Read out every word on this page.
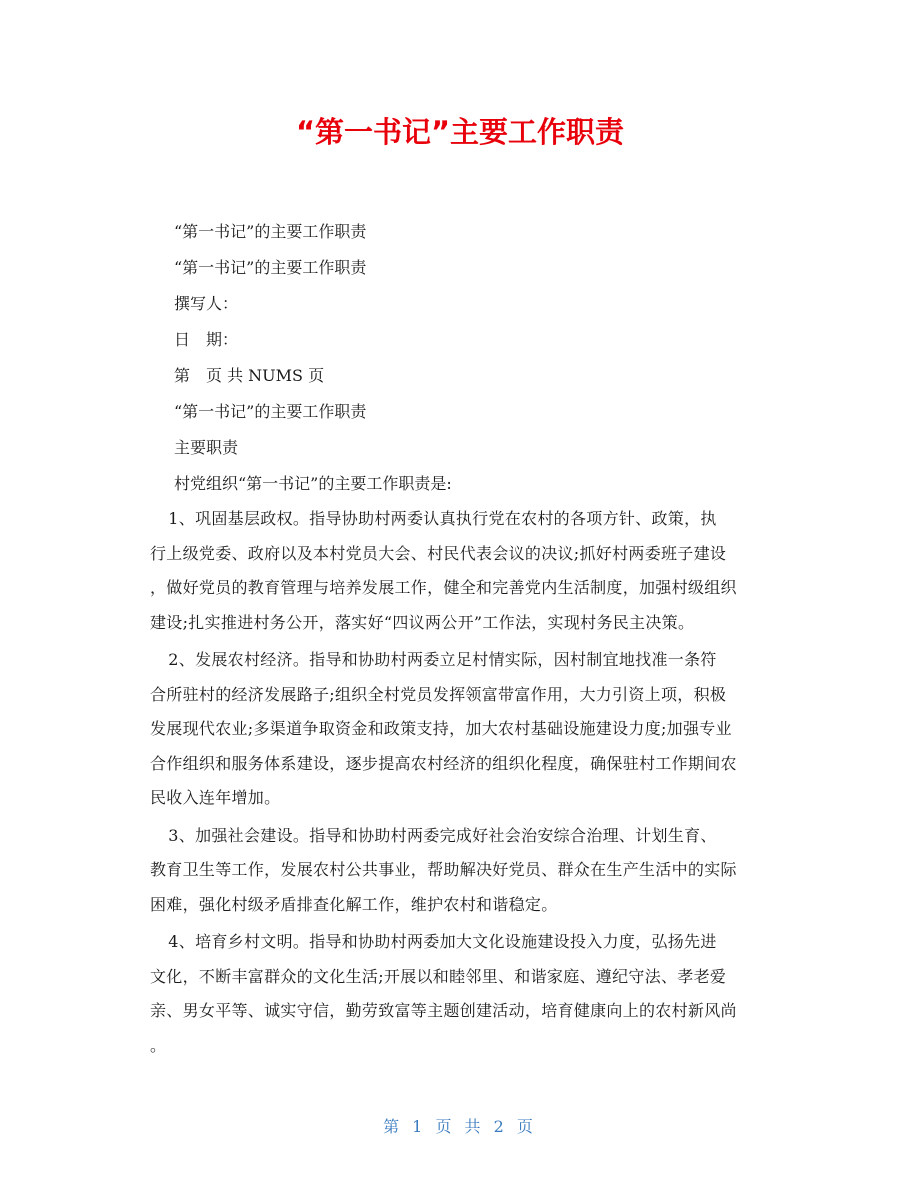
“第一书记”主要工作职责
“第一书记”的主要工作职责
“第一书记”的主要工作职责
撰写人：
日　期：
第　页 共 NUMS 页
“第一书记”的主要工作职责
主要职责
村党组织“第一书记”的主要工作职责是:
　1、巩固基层政权。指导协助村两委认真执行党在农村的各项方针、政策，执
行上级党委、政府以及本村党员大会、村民代表会议的决议;抓好村两委班子建设
，做好党员的教育管理与培养发展工作，健全和完善党内生活制度，加强村级组织
建设;扎实推进村务公开，落实好“四议两公开”工作法，实现村务民主决策。
　2、发展农村经济。指导和协助村两委立足村情实际，因村制宜地找准一条符
合所驻村的经济发展路子;组织全村党员发挥领富带富作用，大力引资上项，积极
发展现代农业;多渠道争取资金和政策支持，加大农村基础设施建设力度;加强专业
合作组织和服务体系建设，逐步提高农村经济的组织化程度，确保驻村工作期间农
民收入连年增加。
　3、加强社会建设。指导和协助村两委完成好社会治安综合治理、计划生育、
教育卫生等工作，发展农村公共事业，帮助解决好党员、群众在生产生活中的实际
困难，强化村级矛盾排查化解工作，维护农村和谐稳定。
　4、培育乡村文明。指导和协助村两委加大文化设施建设投入力度，弘扬先进
文化，不断丰富群众的文化生活;开展以和睦邻里、和谐家庭、遵纪守法、孝老爱
亲、男女平等、诚实守信，勤劳致富等主题创建活动，培育健康向上的农村新风尚
。
第 1 页 共 2 页
